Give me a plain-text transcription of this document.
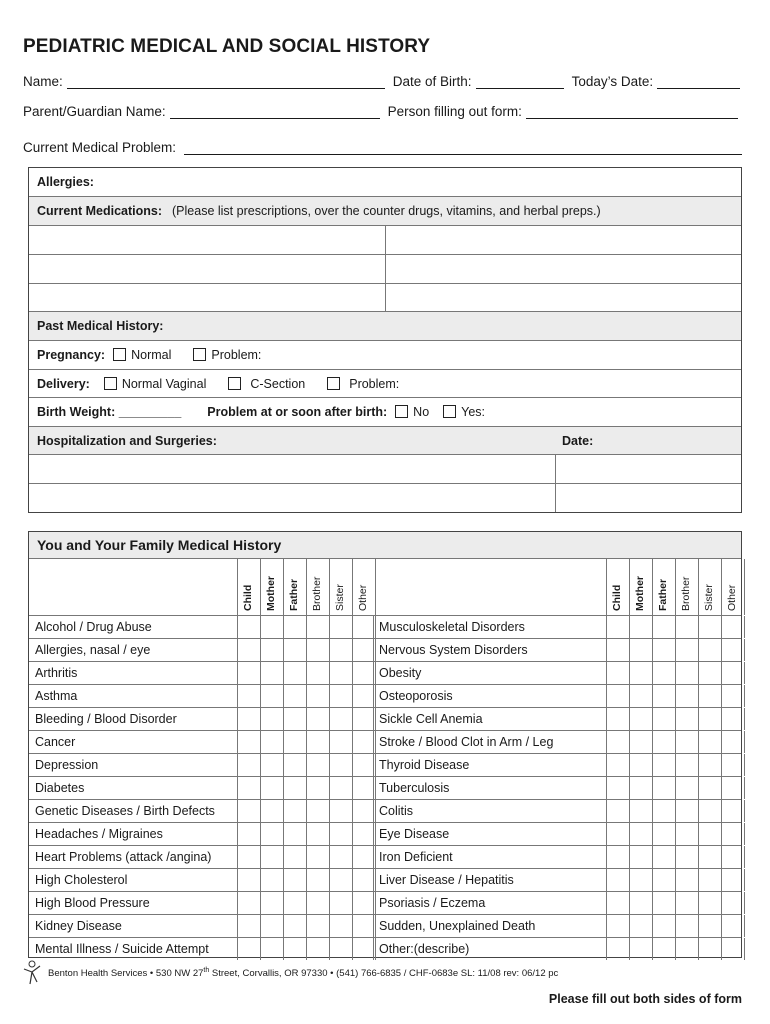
PEDIATRIC MEDICAL AND SOCIAL HISTORY
Name:	Date of Birth:	Today’s Date:
Parent/Guardian Name:	Person filling out form:
Current Medical Problem:
Allergies:
Current Medications: (Please list prescriptions, over the counter drugs, vitamins, and herbal preps.)
Past Medical History:
Pregnancy:	Normal	Problem:
Delivery:	Normal Vaginal	C-Section	Problem:
Birth Weight: _________ Problem at or soon after birth:	No	Yes:
Hospitalization and Surgeries:	Date:
You and Your Family Medical History
Child Mother Father Brother Sister Other	Child Mother Father Brother Sister Other
Alcohol / Drug Abuse	Musculoskeletal Disorders
Allergies, nasal / eye	Nervous System Disorders
Arthritis	Obesity
Asthma	Osteoporosis
Bleeding / Blood Disorder	Sickle Cell Anemia
Cancer	Stroke / Blood Clot in Arm / Leg
Depression	Thyroid Disease
Diabetes	Tuberculosis
Genetic Diseases / Birth Defects	Colitis
Headaches / Migraines	Eye Disease
Heart Problems (attack /angina)	Iron Deficient
High Cholesterol	Liver Disease / Hepatitis
High Blood Pressure	Psoriasis / Eczema
Kidney Disease	Sudden, Unexplained Death
Mental Illness / Suicide Attempt	Other:(describe)
Benton Health Services • 530 NW 27th Street, Corvallis, OR 97330 • (541) 766-6835 / CHF-0683e SL: 11/08 rev: 06/12 pc
Please fill out both sides of form
